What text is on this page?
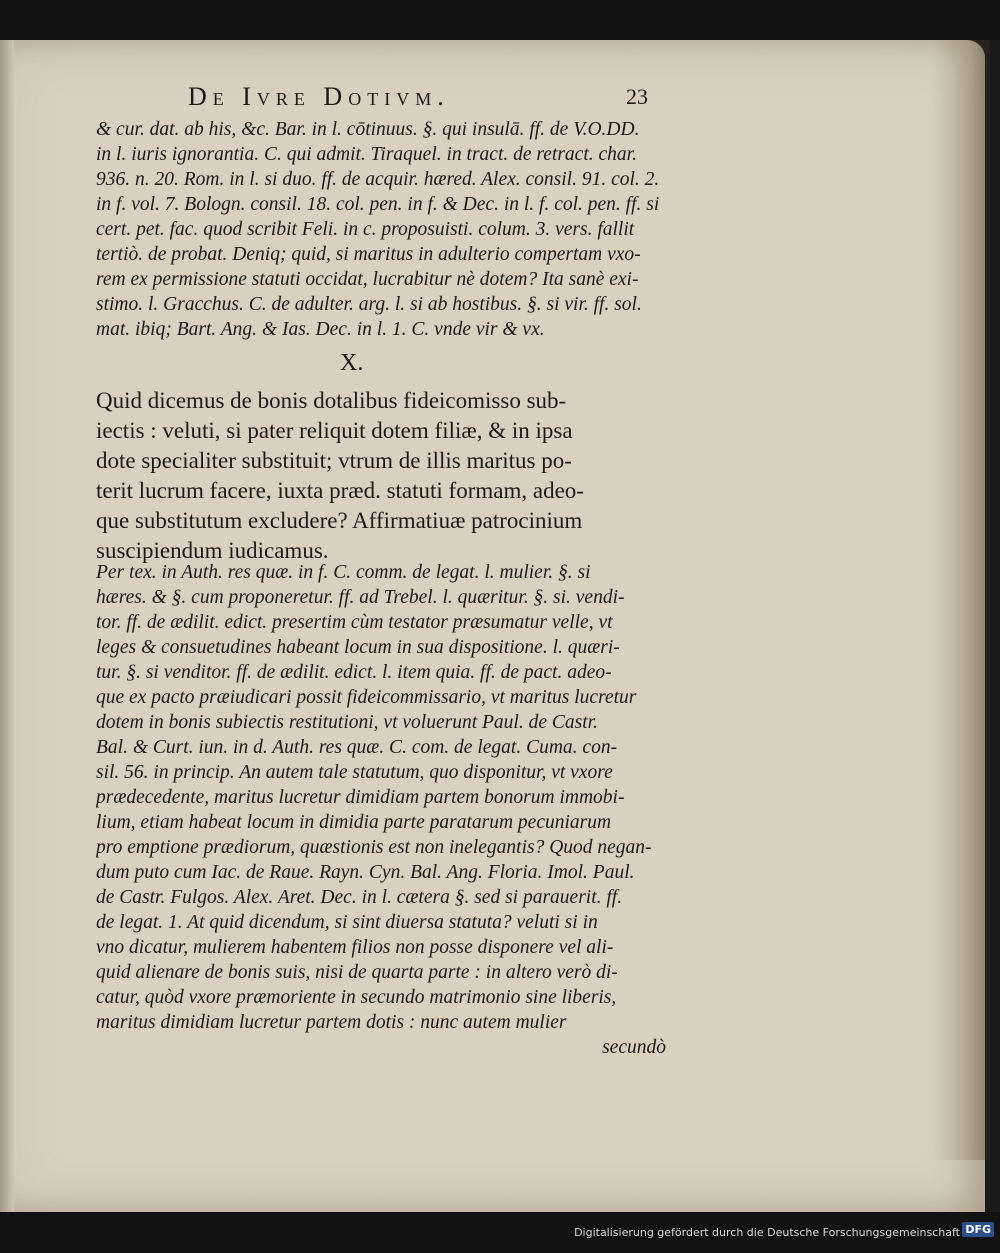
De Ivre Dotivm.	23
& cur. dat. ab his, &c. Bar. in l. cōtinuus. §. qui insulā. ff. de V.O.DD.
in l. iuris ignorantia. C. qui admit. Tiraquel. in tract. de retract. char.
936. n. 20. Rom. in l. si duo. ff. de acquir. hæred. Alex. consil. 91. col. 2.
in f. vol. 7. Bologn. consil. 18. col. pen. in f. & Dec. in l. f. col. pen. ff. si
cert. pet. fac. quod scribit Feli. in c. proposuisti. colum. 3. vers. fallit
tertiò. de probat. Deniq; quid, si maritus in adulterio compertam vxo-
rem ex permissione statuti occidat, lucrabitur nè dotem? Ita sanè exi-
stimo. l. Gracchus. C. de adulter. arg. l. si ab hostibus. §. si vir. ff. sol.
mat. ibiq; Bart. Ang. & Ias. Dec. in l. 1. C. vnde vir & vx.
X.
Quid dicemus de bonis dotalibus fideicomisso sub-
iectis : veluti, si pater reliquit dotem filiæ, & in ipsa
dote specialiter substituit; vtrum de illis maritus po-
terit lucrum facere, iuxta præd. statuti formam, adeo-
que substitutum excludere? Affirmatiuæ patrocinium
suscipiendum iudicamus.
Per tex. in Auth. res quæ. in f. C. comm. de legat. l. mulier. §. si
hæres. & §. cum proponeretur. ff. ad Trebel. l. quæritur. §. si. vendi-
tor. ff. de ædilit. edict. presertim cùm testator præsumatur velle, vt
leges & consuetudines habeant locum in sua dispositione. l. quæri-
tur. §. si venditor. ff. de ædilit. edict. l. item quia. ff. de pact. adeo-
que ex pacto præiudicari possit fideicommissario, vt maritus lucretur
dotem in bonis subiectis restitutioni, vt voluerunt Paul. de Castr.
Bal. & Curt. iun. in d. Auth. res quæ. C. com. de legat. Cuma. con-
sil. 56. in princip. An autem tale statutum, quo disponitur, vt vxore
prædecedente, maritus lucretur dimidiam partem bonorum immobi-
lium, etiam habeat locum in dimidia parte paratarum pecuniarum
pro emptione prædiorum, quæstionis est non inelegantis? Quod negan-
dum puto cum Iac. de Raue. Rayn. Cyn. Bal. Ang. Floria. Imol. Paul.
de Castr. Fulgos. Alex. Aret. Dec. in l. cætera §. sed si parauerit. ff.
de legat. 1. At quid dicendum, si sint diuersa statuta? veluti si in
vno dicatur, mulierem habentem filios non posse disponere vel ali-
quid alienare de bonis suis, nisi de quarta parte : in altero verò di-
catur, quòd vxore præmoriente in secundo matrimonio sine liberis,
maritus dimidiam lucretur partem dotis : nunc autem mulier
secundò
Digitalisierung gefördert durch die Deutsche Forschungsgemeinschaft DFG
